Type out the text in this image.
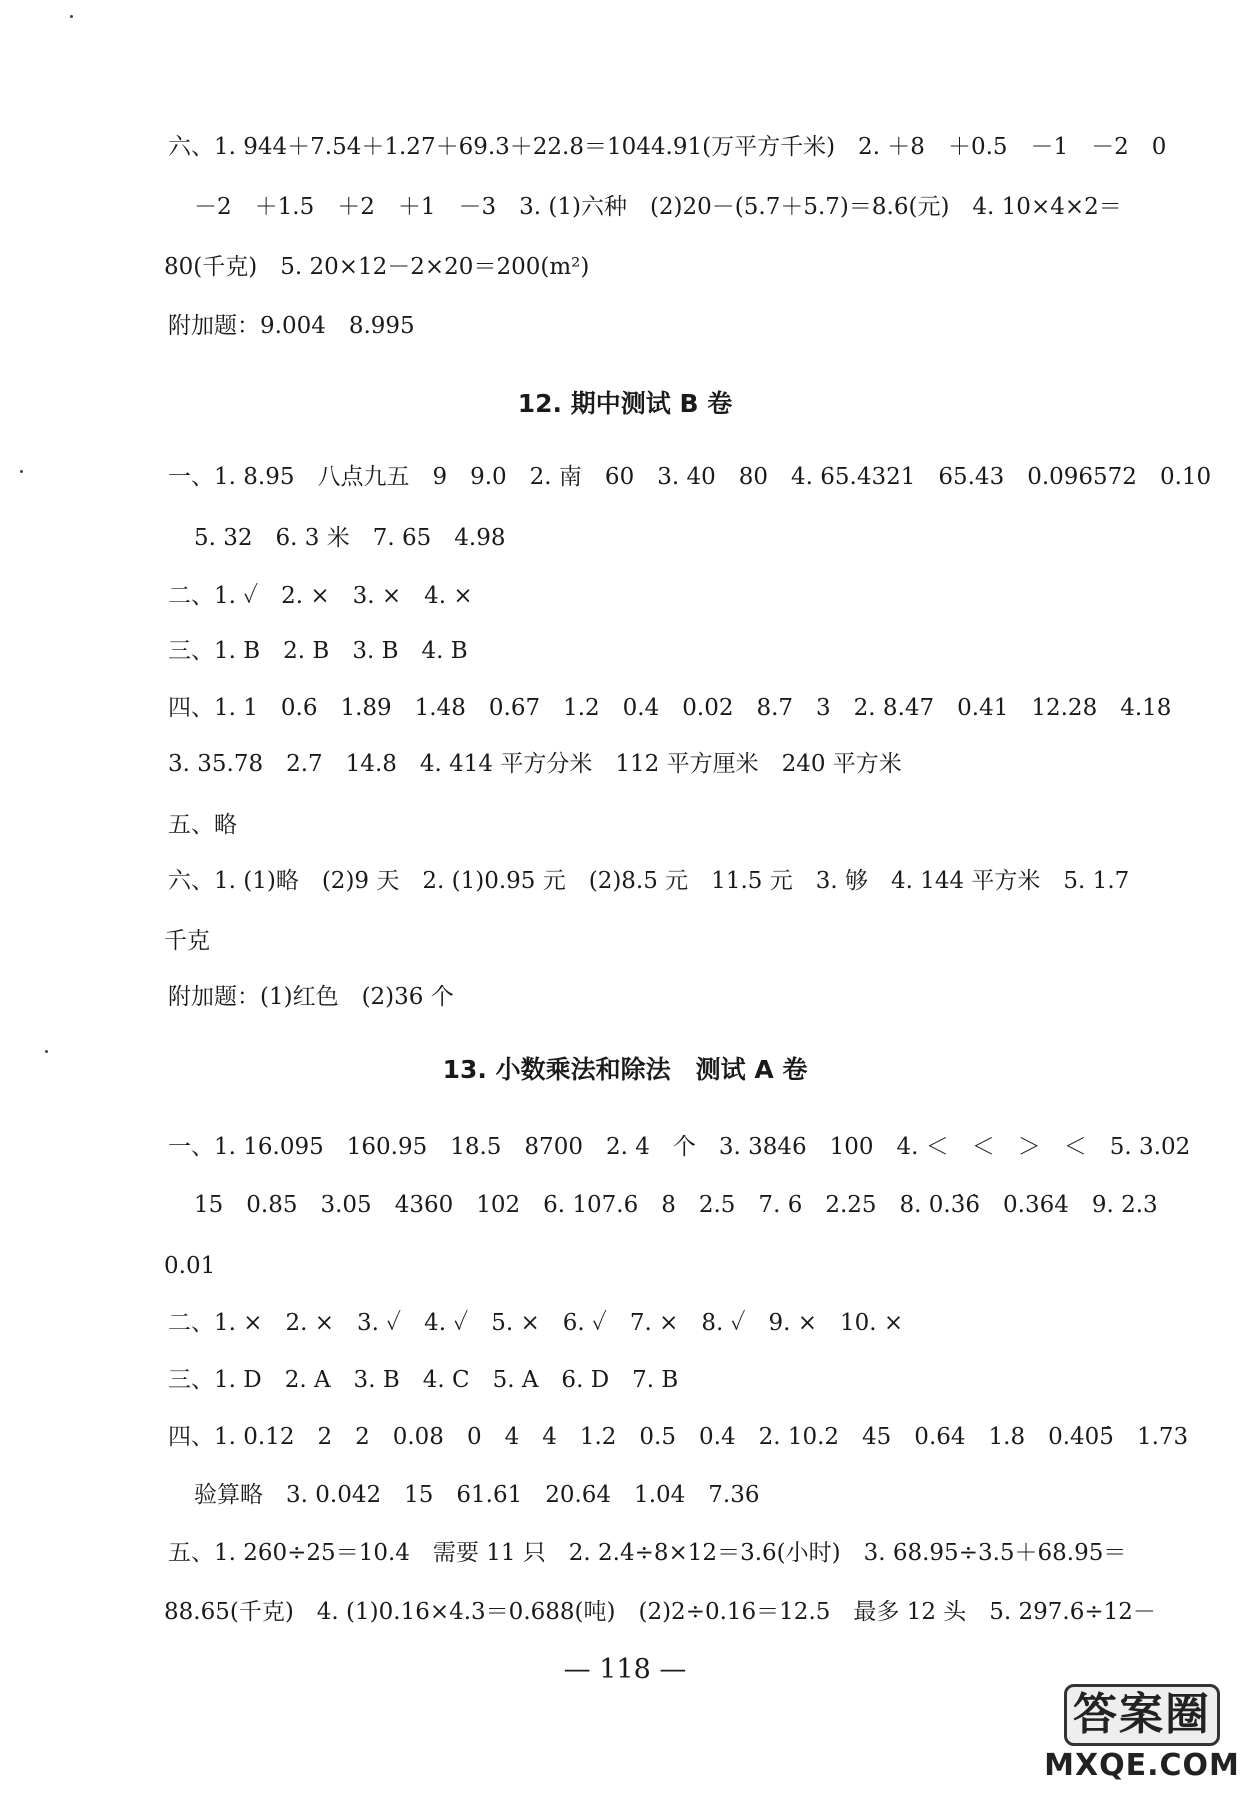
六、1. 944＋7.54＋1.27＋69.3＋22.8＝1044.91(万平方千米)　2. ＋8　＋0.5　－1　－2　0
－2　＋1.5　＋2　＋1　－3　3. (1)六种　(2)20－(5.7＋5.7)＝8.6(元)　4. 10×4×2＝
80(千克)　5. 20×12－2×20＝200(m²)
附加题：9.004　8.995
12. 期中测试 B 卷
一、1. 8.95　八点九五　9　9.0　2. 南　60　3. 40　80　4. 65.4321　65.43　0.096572　0.10
5. 32　6. 3 米　7. 65　4.98
二、1. ✓　2. ×　3. ×　4. ×
三、1. B　2. B　3. B　4. B
四、1. 1　0.6　1.89　1.48　0.67　1.2　0.4　0.02　8.7　3　2. 8.47　0.41　12.28　4.18
3. 35.78　2.7　14.8　4. 414 平方分米　112 平方厘米　240 平方米
五、略
六、1. (1)略　(2)9 天　2. (1)0.95 元　(2)8.5 元　11.5 元　3. 够　4. 144 平方米　5. 1.7
千克
附加题：(1)红色　(2)36 个
13. 小数乘法和除法　测试 A 卷
一、1. 16.095　160.95　18.5　8700　2. 4　个　3. 3846　100　4. ＜　＜　＞　＜　5. 3.02
15　0.85　3.05　4360　102　6. 107.6　8　2.5　7. 6　2.25　8. 0.3̇6̇　0.364　9. 2.3
0.01
二、1. ×　2. ×　3. ✓　4. ✓　5. ×　6. ✓　7. ×　8. ✓　9. ×　10. ×
三、1. D　2. A　3. B　4. C　5. A　6. D　7. B
四、1. 0.12　2　2　0.08　0　4　4　1.2　0.5　0.4　2. 10.2　45　0.64　1.8　0.4̇05̇　1.73
验算略　3. 0.042　15　61.61　20.64　1.04　7.36
五、1. 260÷25＝10.4　需要 11 只　2. 2.4÷8×12＝3.6(小时)　3. 68.95÷3.5＋68.95＝
88.65(千克)　4. (1)0.16×4.3＝0.688(吨)　(2)2÷0.16＝12.5　最多 12 头　5. 297.6÷12－
— 118 —
答案圈
MXQE.COM
